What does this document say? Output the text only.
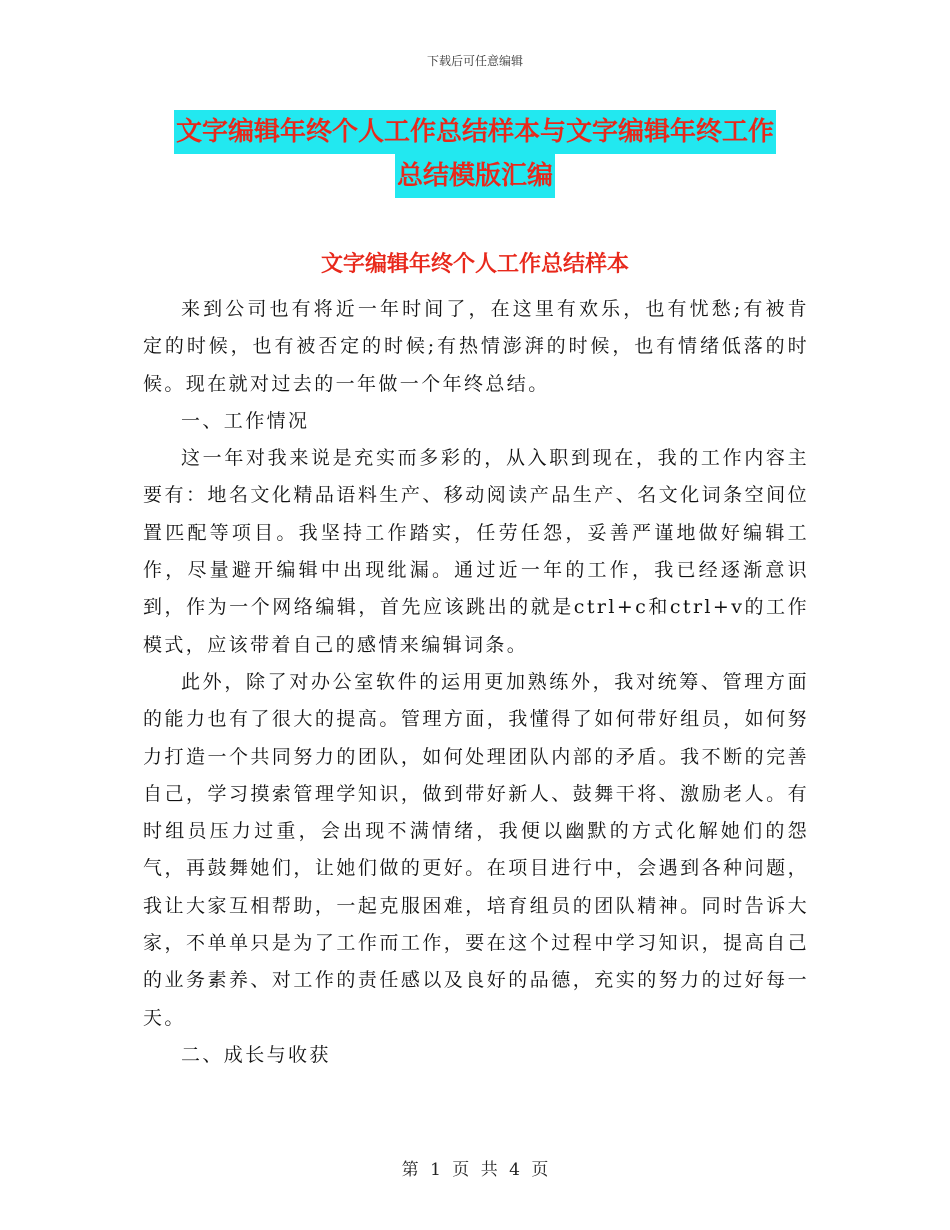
下载后可任意编辑
文字编辑年终个人工作总结样本与文字编辑年终工作
总结模版汇编
文字编辑年终个人工作总结样本

来到公司也有将近一年时间了，在这里有欢乐，也有忧愁;有被肯定的时候，也有被否定的时候;有热情澎湃的时候，也有情绪低落的时候。现在就对过去的一年做一个年终总结。

一、工作情况

这一年对我来说是充实而多彩的，从入职到现在，我的工作内容主要有：地名文化精品语料生产、移动阅读产品生产、名文化词条空间位置匹配等项目。我坚持工作踏实，任劳任怨，妥善严谨地做好编辑工作，尽量避开编辑中出现纰漏。通过近一年的工作，我已经逐渐意识到，作为一个网络编辑，首先应该跳出的就是ctrl+c和ctrl+v的工作模式，应该带着自己的感情来编辑词条。

此外，除了对办公室软件的运用更加熟练外，我对统筹、管理方面的能力也有了很大的提高。管理方面，我懂得了如何带好组员，如何努力打造一个共同努力的团队，如何处理团队内部的矛盾。我不断的完善自己，学习摸索管理学知识，做到带好新人、鼓舞干将、激励老人。有时组员压力过重，会出现不满情绪，我便以幽默的方式化解她们的怨气，再鼓舞她们，让她们做的更好。在项目进行中，会遇到各种问题，我让大家互相帮助，一起克服困难，培育组员的团队精神。同时告诉大家，不单单只是为了工作而工作，要在这个过程中学习知识，提高自己的业务素养、对工作的责任感以及良好的品德，充实的努力的过好每一天。

二、成长与收获

第 1 页 共 4 页
